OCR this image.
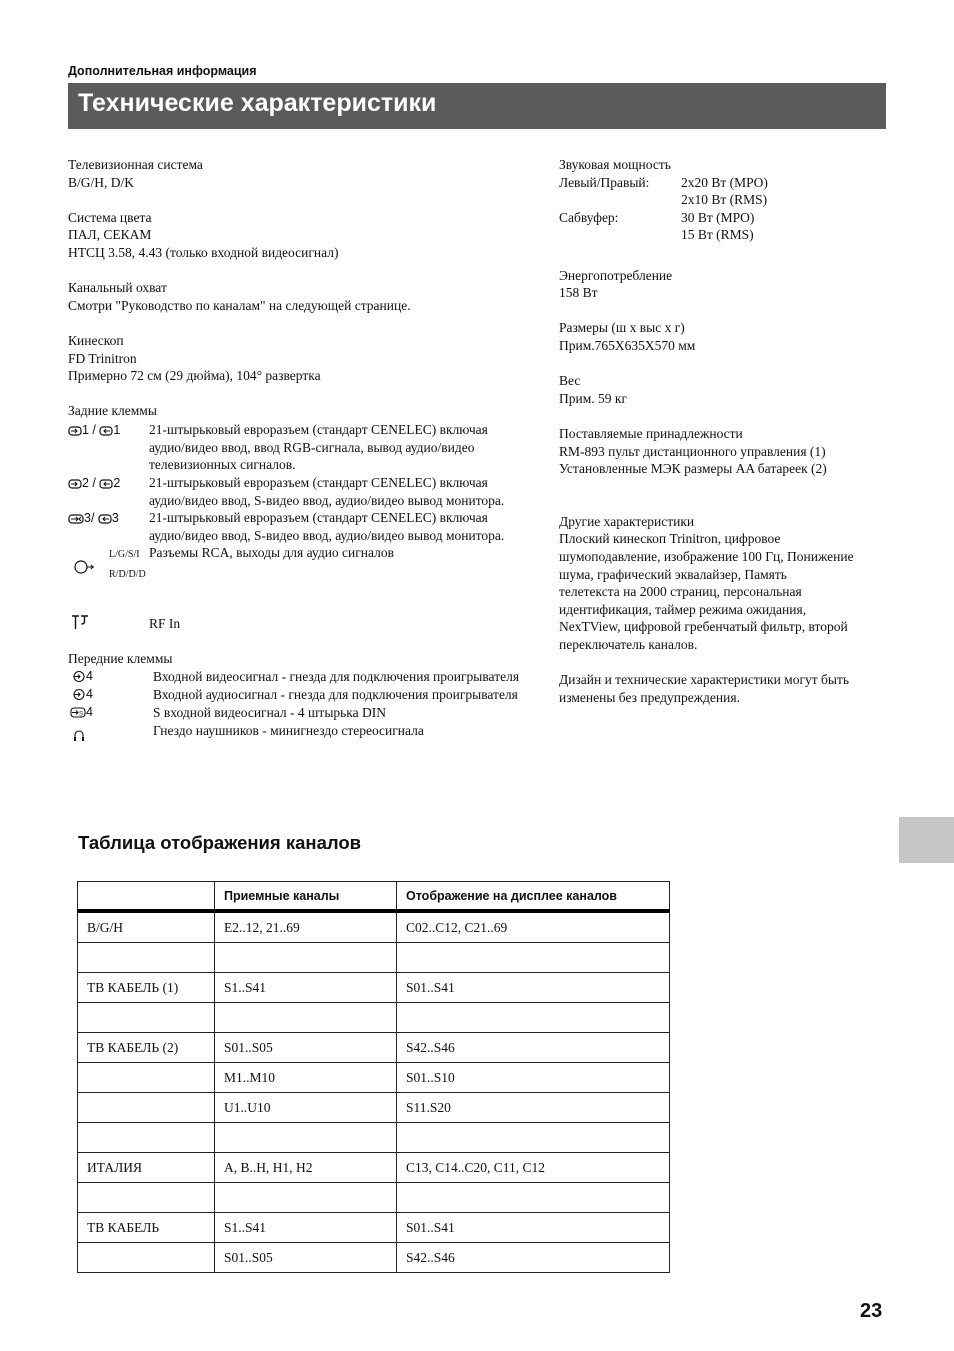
Дополнительная информация
Технические характеристики
Телевизионная система
B/G/H, D/K
Система цвета
ПАЛ, СЕКАМ
НТСЦ 3.58, 4.43 (только входной видеосигнал)
Канальный охват
Смотри "Руководство по каналам" на следующей странице.
Кинескоп
FD Trinitron
Примерно 72 см (29 дюйма), 104° развертка
Задние клеммы
1 / 1 21-штырьковый евроразъем (стандарт CENELEC) включая
аудио/видео ввод, ввод RGB-сигнала, вывод аудио/видео
телевизионных сигналов.
2 / 2 21-штырьковый евроразъем (стандарт CENELEC) включая
аудио/видео ввод, S-видео ввод, аудио/видео вывод монитора.
3/ 3 21-штырьковый евроразъем (стандарт CENELEC) включая
аудио/видео ввод, S-видео ввод, аудио/видео вывод монитора.
L/G/S/I
R/D/D/D
Разъемы RCA, выходы для аудио сигналов
RF In
Передние клеммы
4	Входной видеосигнал - гнезда для подключения проигрывателя
4	Входной аудиосигнал - гнезда для подключения проигрывателя
S 4	S входной видеосигнал - 4 штырька DIN
Гнездо наушников - минигнездо стереосигнала
Звуковая мощность
Левый/Правый:	2x20 Вт (MPO)
	2x10 Вт (RMS)
Сабвуфер:	30 Вт (MPO)
	15 Вт (RMS)
Энергопотребление
158 Вт
Размеры (ш x выс x г)
Прим.765X635X570 мм
Вес
Прим. 59 кг
Поставляемые принадлежности
RM-893 пульт дистанционного управления (1)
Установленные МЭК размеры AA батареек (2)
Другие характеристики
Плоский кинескоп Trinitron, цифровое
шумоподавление, изображение 100 Гц, Понижение
шума, графический эквалайзер, Память
телетекста на 2000 страниц, персональная
идентификация, таймер режима ожидания,
NexTView, цифровой гребенчатый фильтр, второй
переключатель каналов.
Дизайн и технические характеристики могут быть
изменены без предупреждения.
Таблица отображения каналов
	Приемные каналы	Отображение на дисплее каналов
B/G/H	E2..12, 21..69	C02..C12, C21..69

ТВ КАБЕЛЬ (1)	S1..S41	S01..S41

ТВ КАБЕЛЬ (2)	S01..S05	S42..S46
	M1..M10	S01..S10
	U1..U10	S11.S20

ИТАЛИЯ	A, B..H, H1, H2	C13, C14..C20, C11, C12

ТВ КАБЕЛЬ	S1..S41	S01..S41
	S01..S05	S42..S46
23
